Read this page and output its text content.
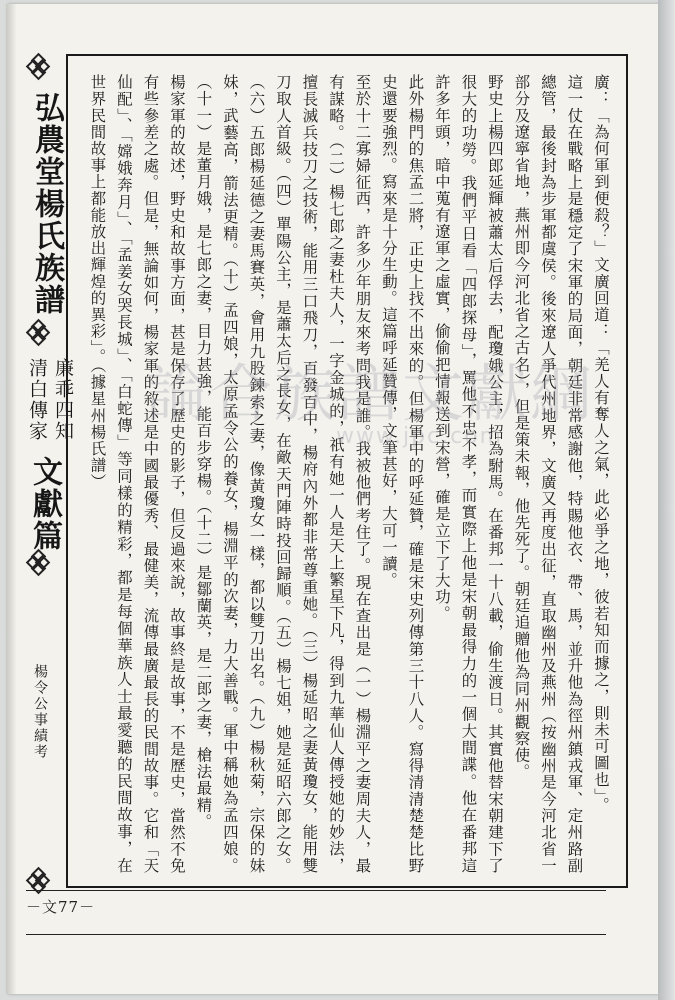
弘農堂楊氏族譜
廉乖四知
清白傳家
文獻篇
楊令公事績考	廣：「為何軍到便殺？」文廣回道：「羌人有奪人之氣，此必爭之地，彼若知而據之，則未可圖也」。

這一仗在戰略上是穩定了宋軍的局面，朝廷非常感謝他，特賜他衣、帶、馬，並升他為徑州鎮戎軍、定州路副總管，最後封為步軍都虞侯。後來遼人爭代州地界，文廣又再度出征，直取幽州及燕州（按幽州是今河北省一部分及遼寧省地，燕州即今河北省之古名），但是策未報，他先死了。朝廷追贈他為同州觀察使。

野史上楊四郎延輝被蕭太后俘去，配瓊娥公主，招為駙馬。在番邦一十八載，偷生渡日。其實他替宋朝建下了很大的功勞。我們平日看「四郎探母」，罵他不忠不孝，而實際上他是宋朝最得力的一個大間諜。他在番邦這許多年頭，暗中蒐有遼軍之虛實，偷偷把情報送到宋營，確是立下了大功。

此外楊門的焦孟二將，正史上找不出來的。但楊軍中的呼延贊，確是宋史列傳第三十八人。寫得清清楚楚比野史還要強烈。寫來是十分生動。這篇呼延贊傳，文筆甚好，大可一讀。

至於十二寡婦征西，許多少年朋友來考問我是誰。我被他們考住了。現在查出是（一）楊淵平之妻周夫人，最有謀略。（二）楊七郎之妻杜夫人，一字金城的，祇有她一人是天上繁星下凡，得到九華仙人傳授她的妙法，擅長滅兵技刀之技術，能用三口飛刀，百發百中，楊府內外都非常尊重她。（三）楊延昭之妻黃瓊女，能用雙刀取人首級。（四）單陽公主，是蕭太后之長女，在敵天門陣時投回歸順。（五）楊七姐，她是延昭六郎之女。（六）五郎楊延德之妻馬賽英，會用九股鍊索之妻，像黃瓊女一樣，都以雙刀出名。（九）楊秋菊，宗保的妹妹，武藝高，箭法更精。（十）孟四娘，太原孟令公的養女，楊淵平的次妻，力大善戰。軍中稱她為孟四娘。（十一）是董月娥，是七郎之妻，目力甚強，能百步穿楊。（十二）是鄒蘭英，是二郎之妻，槍法最精。

楊家軍的故述，野史和故事方面，甚是保存了歷史的影子，但反過來說，故事終是故事，不是歷史，當然不免有些參差之處。但是，無論如何，楊家軍的敘述是中國最優秀、最健美，流傳最廣最長的民間故事。它和「天仙配」、「嫦娥奔月」、「孟姜女哭長城」、「白蛇傳」等同樣的精彩，都是每個華族人士最愛聽的民間故事，在世界民間故事上都能放出輝煌的異彩」。（據星州楊氏譜） 論合族譜文獻網
www.jpc.com
－文77－
